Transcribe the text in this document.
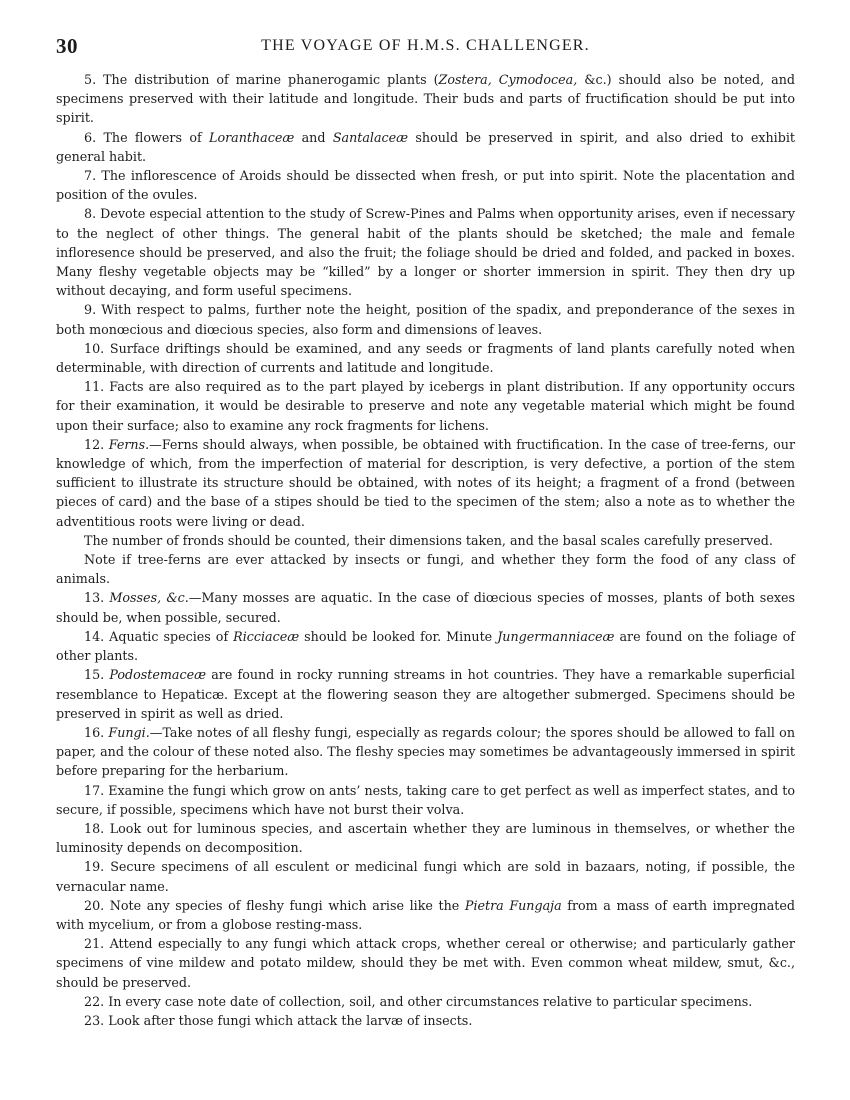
30	THE VOYAGE OF H.M.S. CHALLENGER.

5. The distribution of marine phanerogamic plants (Zostera, Cymodocea, &c.) should also be noted, and specimens preserved with their latitude and longitude. Their buds and parts of fructification should be put into spirit.

6. The flowers of Loranthaceæ and Santalaceæ should be preserved in spirit, and also dried to exhibit general habit.

7. The inflorescence of Aroids should be dissected when fresh, or put into spirit. Note the placentation and position of the ovules.

8. Devote especial attention to the study of Screw-Pines and Palms when opportunity arises, even if necessary to the neglect of other things. The general habit of the plants should be sketched; the male and female infloresence should be preserved, and also the fruit; the foliage should be dried and folded, and packed in boxes. Many fleshy vegetable objects may be “killed” by a longer or shorter immersion in spirit. They then dry up without decaying, and form useful specimens.

9. With respect to palms, further note the height, position of the spadix, and preponderance of the sexes in both monœcious and diœcious species, also form and dimensions of leaves.

10. Surface driftings should be examined, and any seeds or fragments of land plants carefully noted when determinable, with direction of currents and latitude and longitude.

11. Facts are also required as to the part played by icebergs in plant distribution. If any opportunity occurs for their examination, it would be desirable to preserve and note any vegetable material which might be found upon their surface; also to examine any rock fragments for lichens.

12. Ferns.—Ferns should always, when possible, be obtained with fructification. In the case of tree-ferns, our knowledge of which, from the imperfection of material for description, is very defective, a portion of the stem sufficient to illustrate its structure should be obtained, with notes of its height; a fragment of a frond (between pieces of card) and the base of a stipes should be tied to the specimen of the stem; also a note as to whether the adventitious roots were living or dead.

The number of fronds should be counted, their dimensions taken, and the basal scales carefully preserved.

Note if tree-ferns are ever attacked by insects or fungi, and whether they form the food of any class of animals.

13. Mosses, &c.—Many mosses are aquatic. In the case of diœcious species of mosses, plants of both sexes should be, when possible, secured.

14. Aquatic species of Ricciaceæ should be looked for. Minute Jungermanniaceæ are found on the foliage of other plants.

15. Podostemaceæ are found in rocky running streams in hot countries. They have a remarkable superficial resemblance to Hepaticæ. Except at the flowering season they are altogether submerged. Specimens should be preserved in spirit as well as dried.

16. Fungi.—Take notes of all fleshy fungi, especially as regards colour; the spores should be allowed to fall on paper, and the colour of these noted also. The fleshy species may sometimes be advantageously immersed in spirit before preparing for the herbarium.

17. Examine the fungi which grow on ants’ nests, taking care to get perfect as well as imperfect states, and to secure, if possible, specimens which have not burst their volva.

18. Look out for luminous species, and ascertain whether they are luminous in themselves, or whether the luminosity depends on decomposition.

19. Secure specimens of all esculent or medicinal fungi which are sold in bazaars, noting, if possible, the vernacular name.

20. Note any species of fleshy fungi which arise like the Pietra Fungaja from a mass of earth impregnated with mycelium, or from a globose resting-mass.

21. Attend especially to any fungi which attack crops, whether cereal or otherwise; and particularly gather specimens of vine mildew and potato mildew, should they be met with. Even common wheat mildew, smut, &c., should be preserved.

22. In every case note date of collection, soil, and other circumstances relative to particular specimens.

23. Look after those fungi which attack the larvæ of insects.
